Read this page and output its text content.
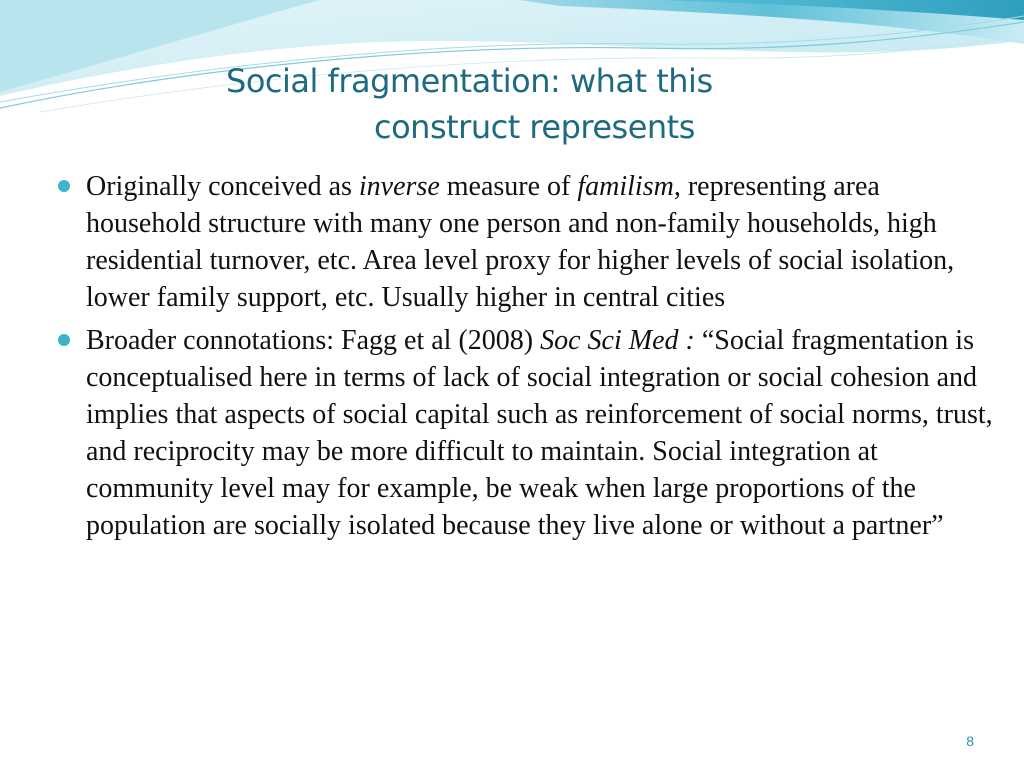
Social fragmentation: what this
construct represents
Originally conceived as inverse measure of familism, representing area household structure with many one person and non-family households, high residential turnover, etc. Area level proxy for higher levels of social isolation, lower family support, etc. Usually higher in central cities
Broader connotations: Fagg et al (2008) Soc Sci Med : “Social fragmentation is conceptualised here in terms of lack of social integration or social cohesion and implies that aspects of social capital such as reinforcement of social norms, trust, and reciprocity may be more difficult to maintain. Social integration at community level may for example, be weak when large proportions of the population are socially isolated because they live alone or without a partner”
8
